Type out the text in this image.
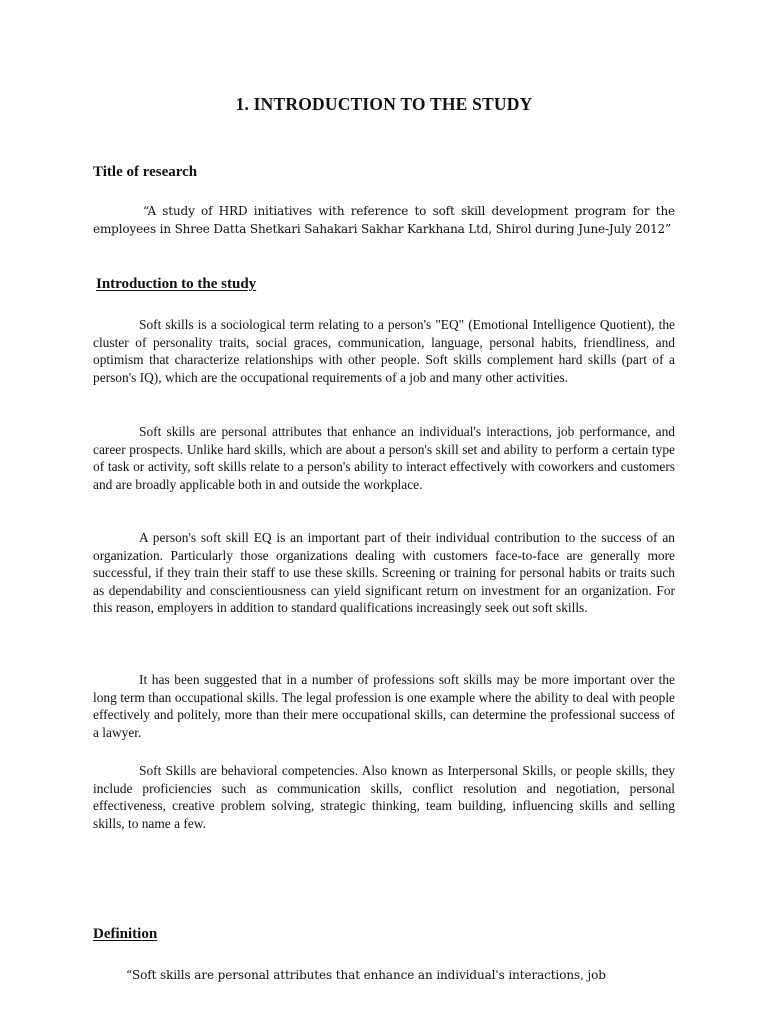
1. INTRODUCTION TO THE STUDY
Title of research

“A study of HRD initiatives with reference to soft skill development program for the employees in Shree Datta Shetkari Sahakari Sakhar Karkhana Ltd, Shirol during June-July 2012”

Introduction to the study

Soft skills is a sociological term relating to a person's "EQ" (Emotional Intelligence Quotient), the cluster of personality traits, social graces, communication, language, personal habits, friendliness, and optimism that characterize relationships with other people. Soft skills complement hard skills (part of a person's IQ), which are the occupational requirements of a job and many other activities.

Soft skills are personal attributes that enhance an individual's interactions, job performance, and career prospects. Unlike hard skills, which are about a person's skill set and ability to perform a certain type of task or activity, soft skills relate to a person's ability to interact effectively with coworkers and customers and are broadly applicable both in and outside the workplace.

A person's soft skill EQ is an important part of their individual contribution to the success of an organization. Particularly those organizations dealing with customers face-to-face are generally more successful, if they train their staff to use these skills. Screening or training for personal habits or traits such as dependability and conscientiousness can yield significant return on investment for an organization. For this reason, employers in addition to standard qualifications increasingly seek out soft skills.

It has been suggested that in a number of professions soft skills may be more important over the long term than occupational skills. The legal profession is one example where the ability to deal with people effectively and politely, more than their mere occupational skills, can determine the professional success of a lawyer.

Soft Skills are behavioral competencies. Also known as Interpersonal Skills, or people skills, they include proficiencies such as communication skills, conflict resolution and negotiation, personal effectiveness, creative problem solving, strategic thinking, team building, influencing skills and selling skills, to name a few.

Definition

“Soft skills are personal attributes that enhance an individual's interactions, job
